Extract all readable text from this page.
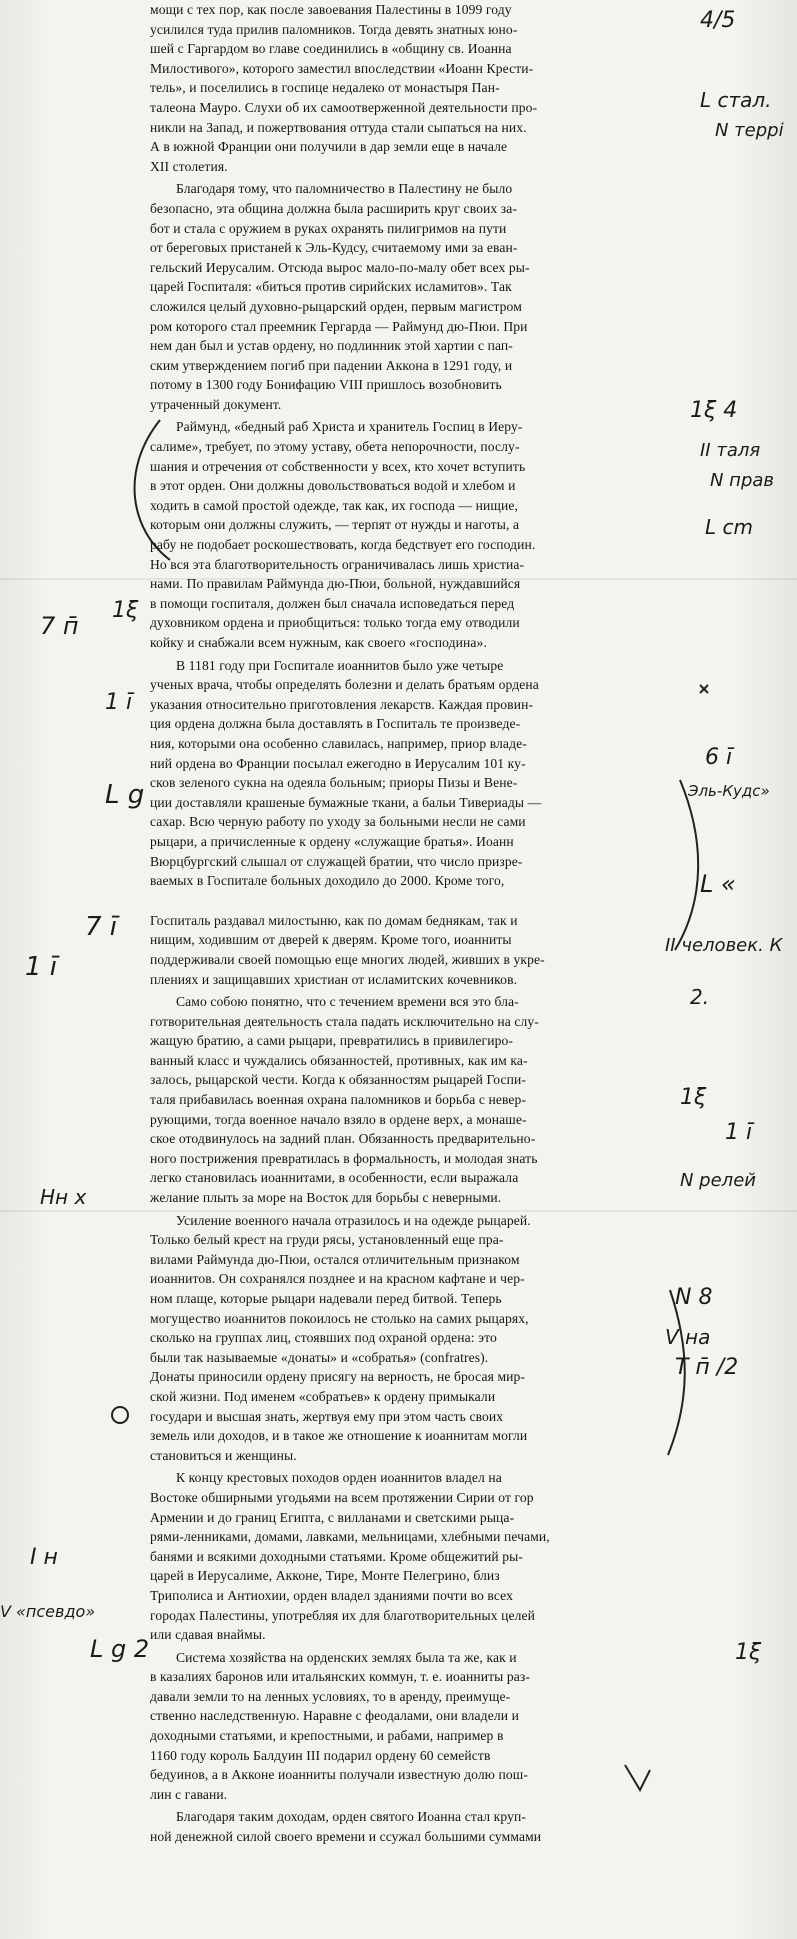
мощи с тех пор, как после завоевания Палестины в 1099 году

усилился туда прилив паломников. Тогда девять знатных юно-

шей с Гаргардом во главе соединились в «общину св. Иоанна

Милостивого», которого заместил впоследствии «Иоанн Крести-

тель», и поселились в госпице недалеко от монастыря Пан-

талеона Мауро. Слухи об их самоотверженной деятельности про-

никли на Запад, и пожертвования оттуда стали сыпаться на них.

А в южной Франции они получили в дар земли еще в начале

XII столетия.

Благодаря тому, что паломничество в Палестину не было

безопасно, эта община должна была расширить круг своих за-

бот и стала с оружием в руках охранять пилигримов на пути

от береговых пристаней к Эль-Кудсу, считаемому ими за еван-

гельский Иерусалим. Отсюда вырос мало-по-малу обет всех ры-

царей Госпиталя: «биться против сирийских исламитов». Так

сложился целый духовно-рыцарский орден, первым магистром

ром которого стал преемник Гергарда — Раймунд дю-Пюи. При

нем дан был и устав ордену, но подлинник этой хартии с пап-

ским утверждением погиб при падении Аккона в 1291 году, и

потому в 1300 году Бонифацию VIII пришлось возобновить

утраченный документ.

Раймунд, «бедный раб Христа и хранитель Госпиц в Иеру-

салиме», требует, по этому уставу, обета непорочности, послу-

шания и отречения от собственности у всех, кто хочет вступить

в этот орден. Они должны довольствоваться водой и хлебом и

ходить в самой простой одежде, так как, их господа — нищие,

которым они должны служить, — терпят от нужды и наготы, а

рабу не подобает роскошествовать, когда бедствует его господин.

Но вся эта благотворительность ограничивалась лишь христиа-

нами. По правилам Раймунда дю-Пюи, больной, нуждавшийся

в помощи госпиталя, должен был сначала исповедаться перед

духовником ордена и приобщиться: только тогда ему отводили

койку и снабжали всем нужным, как своего «господина».

В 1181 году при Госпитале иоаннитов было уже четыре

ученых врача, чтобы определять болезни и делать братьям ордена

указания относительно приготовления лекарств. Каждая провин-

ция ордена должна была доставлять в Госпиталь те произведе-

ния, которыми она особенно славилась, например, приор владе-

ний ордена во Франции посылал ежегодно в Иерусалим 101 ку-

сков зеленого сукна на одеяла больным; приоры Пизы и Вене-

ции доставляли крашеные бумажные ткани, а бальи Тивериады —

сахар. Всю черную работу по уходу за больными несли не сами

рыцари, а причисленные к ордену «служащие братья». Иоанн

Вюрцбургский слышал от служащей братии, что число призре-

ваемых в Госпитале больных доходило до 2000. Кроме того,

Госпиталь раздавал милостыню, как по домам беднякам, так и

нищим, ходившим от дверей к дверям. Кроме того, иоанниты

поддерживали своей помощью еще многих людей, живших в укре-

плениях и защищавших христиан от исламитских кочевников.

Само собою понятно, что с течением времени вся это бла-

готворительная деятельность стала падать исключительно на слу-

жащую братию, а сами рыцари, превратились в привилегиро-

ванный класс и чуждались обязанностей, противных, как им ка-

залось, рыцарской чести. Когда к обязанностям рыцарей Госпи-

таля прибавилась военная охрана паломников и борьба с невер-

рующими, тогда военное начало взяло в ордене верх, а монаше-

ское отодвинулось на задний план. Обязанность предварительно-

ного пострижения превратилась в формальность, и молодая знать

легко становилась иоаннитами, в особенности, если выражала

желание плыть за море на Восток для борьбы с неверными.

Усиление военного начала отразилось и на одежде рыцарей.

Только белый крест на груди рясы, установленный еще пра-

вилами Раймунда дю-Пюи, остался отличительным признаком

иоаннитов. Он сохранялся позднее и на красном кафтане и чер-

ном плаще, которые рыцари надевали перед битвой. Теперь

могущество иоаннитов покоилось не столько на самих рыцарях,

сколько на группах лиц, стоявших под охраной ордена: это

были так называемые «донаты» и «собратья» (confratres).

Донаты приносили ордену присягу на верность, не бросая мир-

ской жизни. Под именем «собратьев» к ордену примыкали

государи и высшая знать, жертвуя ему при этом часть своих

земель или доходов, и в такое же отношение к иоаннитам могли

становиться и женщины.

К концу крестовых походов орден иоаннитов владел на

Востоке обширными угодьями на всем протяжении Сирии от гор

Армении и до границ Египта, с вилланами и светскими рыца-

рями-ленниками, домами, лавками, мельницами, хлебными печами,

банями и всякими доходными статьями. Кроме общежитий ры-

царей в Иерусалиме, Акконе, Тире, Монте Пелегрино, близ

Триполиса и Антиохии, орден владел зданиями почти во всех

городах Палестины, употребляя их для благотворительных целей

или сдавая внаймы.

Система хозяйства на орденских землях была та же, как и

в казалиях баронов или итальянских коммун, т. е. иоанниты раз-

давали земли то на ленных условиях, то в аренду, преимуще-

ственно наследственную. Наравне с феодалами, они владели и

доходными статьями, и крепостными, и рабами, например в

1160 году король Балдуин III подарил ордену 60 семейств

бедуинов, а в Акконе иоанниты получали известную долю пош-

лин с гавани.

Благодаря таким доходам, орден святого Иоанна стал круп-

ной денежной силой своего времени и ссужал большими суммами

4/5
L стал.
N террі
1ξ 4
II таля
N прав
L cm
7 п̄
1ξ
1 ī
L g
6 ī
Эль-Кудс»
7 ī
L «
II человек. К
1 ī
2.
1ξ
1 ī
Нн х
N релей
N 8
V на
T п̄ /2
I н
V «псевдо»
L g 2	1ξ
